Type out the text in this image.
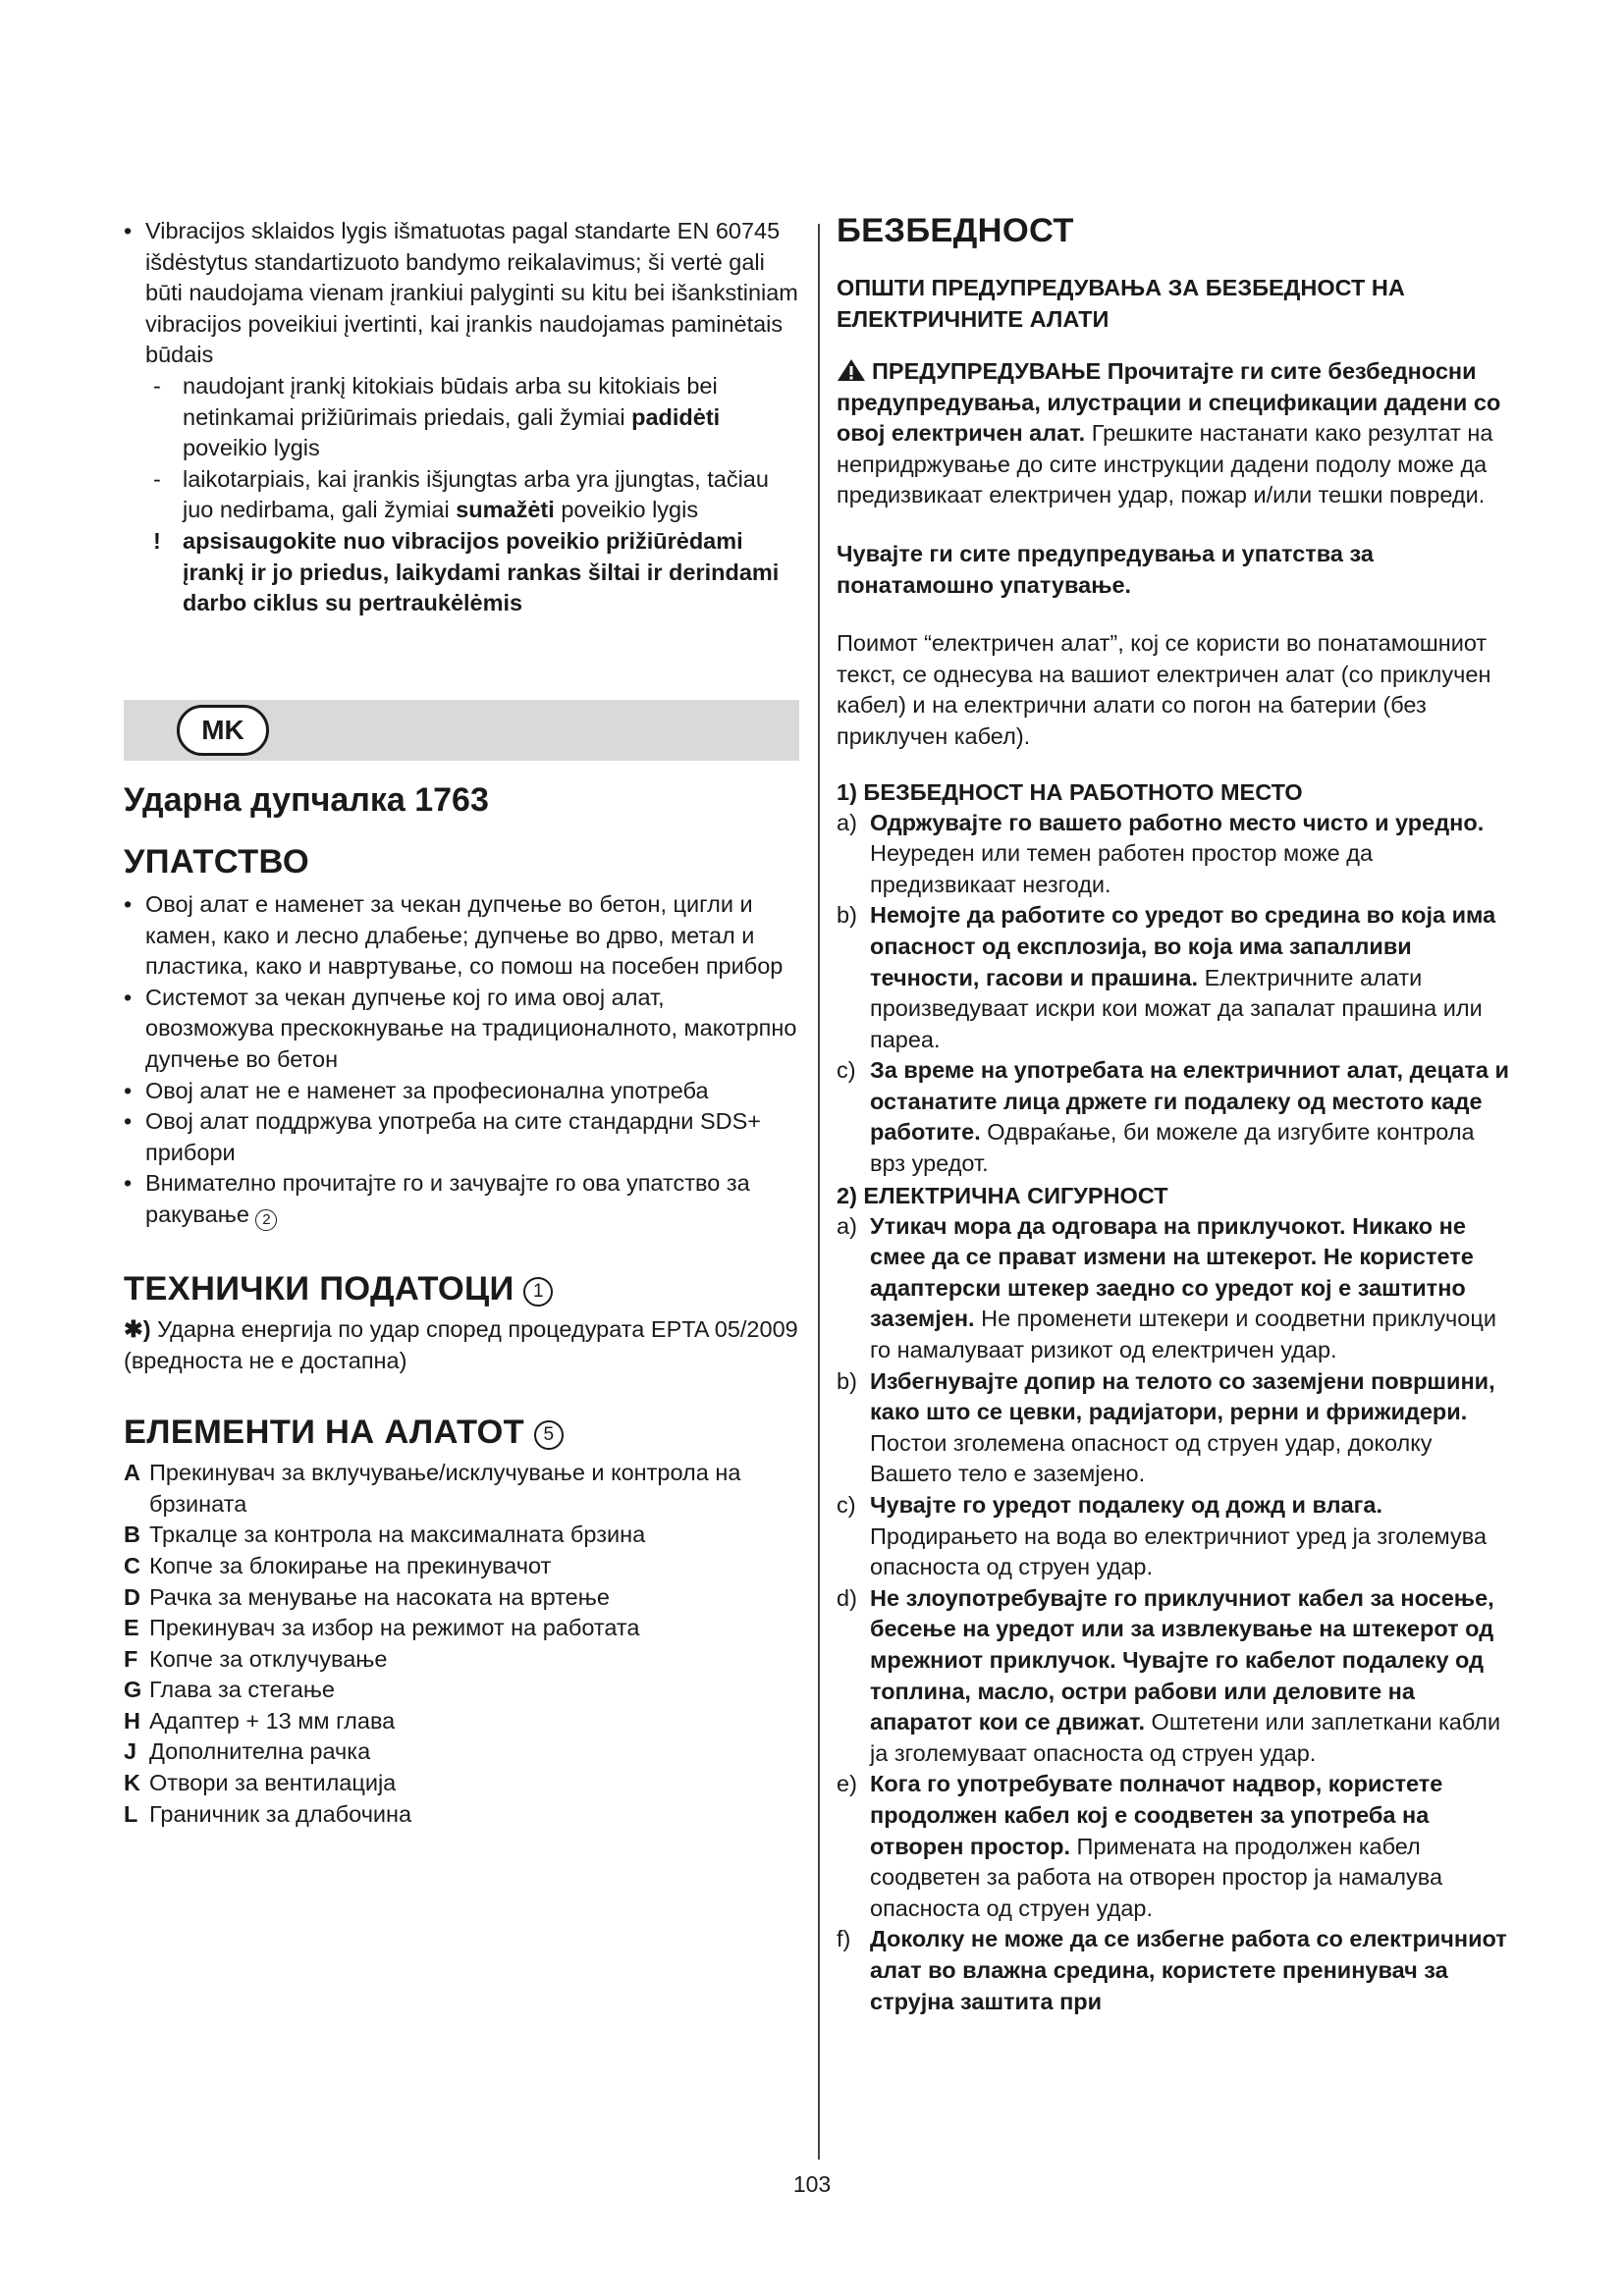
• Vibracijos sklaidos lygis išmatuotas pagal standarte EN 60745 išdėstytus standartizuoto bandymo reikalavimus; ši vertė gali būti naudojama vienam įrankiui palyginti su kitu bei išankstiniam vibracijos poveikiui įvertinti, kai įrankis naudojamas paminėtais būdais

- naudojant įrankį kitokiais būdais arba su kitokiais bei netinkamai prižiūrimais priedais, gali žymiai padidėti poveikio lygis

- laikotarpiais, kai įrankis išjungtas arba yra įjungtas, tačiau juo nedirbama, gali žymiai sumažėti poveikio lygis

! apsisaugokite nuo vibracijos poveikio prižiūrėdami įrankį ir jo priedus, laikydami rankas šiltai ir derindami darbo ciklus su pertraukėlėmis

MK
Ударна дупчалка 1763
УПАТСТВО

• Овој алат е наменет за чекан дупчење во бетон, цигли и камен, како и лесно длабење; дупчење во дрво, метал и пластика, како и навртување, со помош на посебен прибор

• Системот за чекан дупчење кој го има овој алат, овозможува прескокнување на традиционалното, макотрпно дупчење во бетон

• Овој алат не е наменет за професионална употреба

• Овој алат поддржува употреба на сите стандардни SDS+ прибори

• Внимателно прочитајте го и зачувајте го ова упатство за ракување 2

ТЕХНИЧКИ ПОДАТОЦИ 1

✱) Ударна енергија по удар според процедурата EPTA 05/2009 (вредноста не е достапна)

ЕЛЕМЕНТИ НА АЛАТОТ 5

A Прекинувач за вклучување/исклучување и контрола на брзината

B Тркалце за контрола на максималната брзина

C Копче за блокирање на прекинувачот

D Рачка за менување на насоката на вртење

E Прекинувач за избор на режимот на работата

F Копче за отклучување

G Глава за стегање

H Адаптер + 13 мм глава

J Дополнителна рачка

K Отвори за вентилација

L Граничник за длабочина

БЕЗБЕДНОСТ

ОПШТИ ПРЕДУПРЕДУВАЊА ЗА БЕЗБЕДНОСТ НА ЕЛЕКТРИЧНИТЕ АЛАТИ

ПРЕДУПРЕДУВАЊЕ Прочитајте ги сите безбедносни предупредувања, илустрации и спецификации дадени со овој електричен алат. Грешките настанати како резултат на непридржување до сите инструкции дадени подолу може да предизвикаат електричен удар, пожар и/или тешки повреди.

Чувајте ги сите предупредувања и упатства за понатамошно упатување.

Поимот “електричен алат”, кој се користи во понатамошниот текст, се однесува на вашиот електричен алат (со приклучен кабел) и на електрични алати со погон на батерии (без приклучен кабел).

1) БЕЗБЕДНОСТ НА РАБОТНОТО МЕСТО

a) Одржувајте го вашето работно место чисто и уредно. Неуреден или темен работен простор може да предизвикаат незгоди.

b) Немојте да работите со уредот во средина во која има опасност од експлозија, во која има запалливи течности, гасови и прашина. Електричните алати произведуваат искри кои можат да запалат прашина или пареа.

c) За време на употребата на електричниот алат, децата и останатите лица држете ги подалеку од местото каде работите. Одвраќање, би можеле да изгубите контрола врз уредот.

2) ЕЛЕКТРИЧНА СИГУРНОСТ

a) Утикач мора да одговара на приклучокот. Никако не смее да се прават измени на штекерот. Не користете адаптерски штекер заедно со уредот кој е заштитно заземјен. Не променети штекери и соодветни приклучоци го намалуваат ризикот од електричен удар.

b) Избегнувајте допир на телото со заземјени површини, како што се цевки, радијатори, рерни и фрижидери. Постои зголемена опасност од струен удар, доколку Вашето тело е заземјено.

c) Чувајте го уредот подалеку од дожд и влага. Продирањето на вода во електричниот уред ја зголемува опасноста од струен удар.

d) Не злоупотребувајте го приклучниот кабел за носење, бесење на уредот или за извлекување на штекерот од мрежниот приклучок. Чувајте го кабелот подалеку од топлина, масло, остри рабови или деловите на апаратот кои се движат. Оштетени или заплеткани кабли ја зголемуваат опасноста од струен удар.

e) Кога го употребувате полначот надвор, користете продолжен кабел кој е соодветен за употреба на отворен простор. Примената на продолжен кабел соодветен за работа на отворен простор ја намалува опасноста од струен удар.

f) Доколку не може да се избегне работа со електричниот алат во влажна средина, користете пренинувач за струјна заштита при

103
